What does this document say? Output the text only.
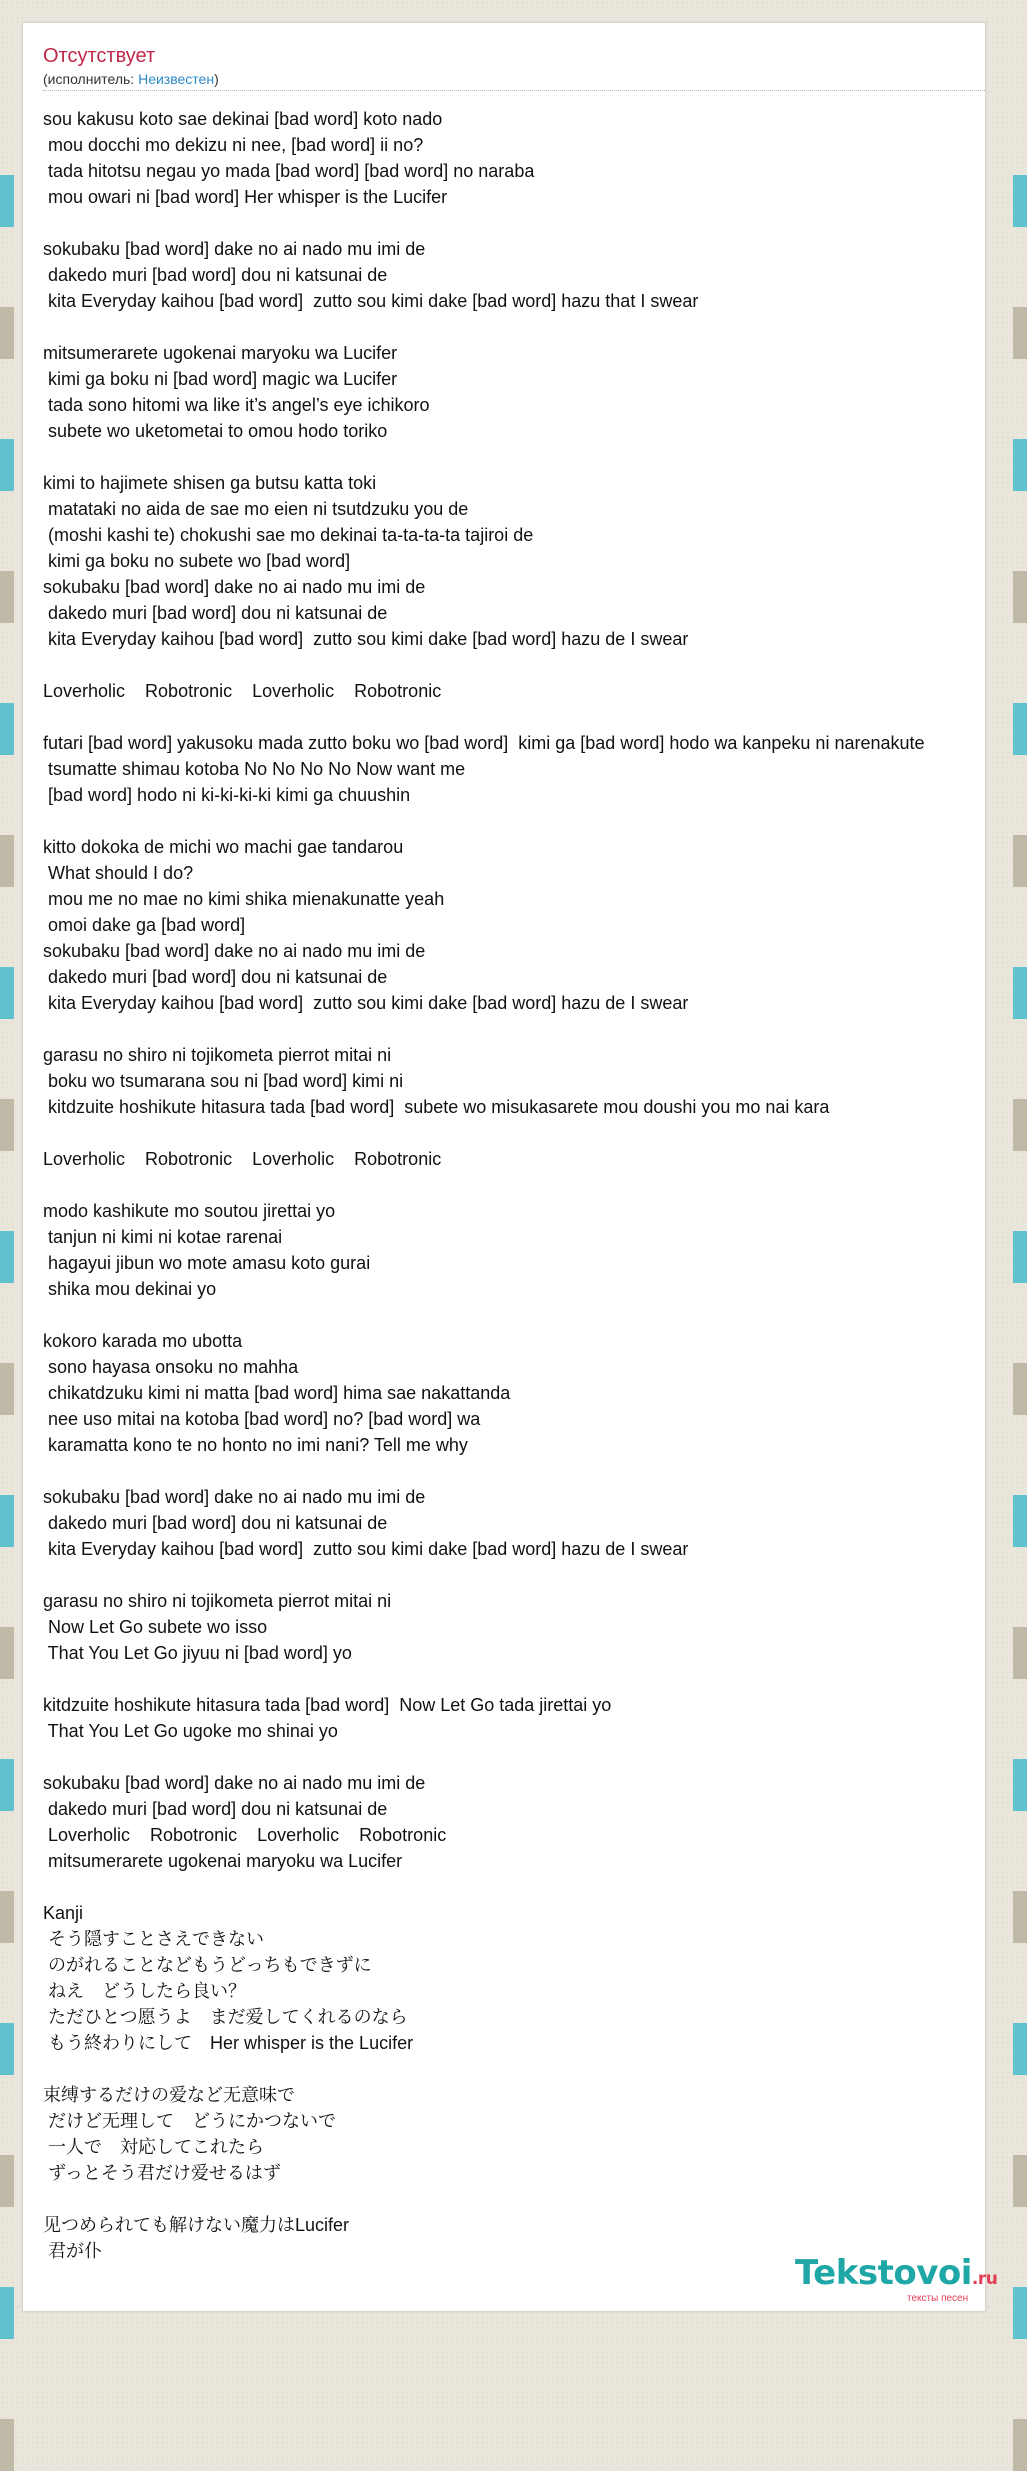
Отсутствует
(исполнитель: Неизвестен)
sou kakusu koto sae dekinai [bad word] koto nado
mou docchi mo dekizu ni nee, [bad word] ii no?
tada hitotsu negau yo mada [bad word] [bad word] no naraba
mou owari ni [bad word] Her whisper is the Lucifer
sokubaku [bad word] dake no ai nado mu imi de
dakedo muri [bad word] dou ni katsunai de
kita Everyday kaihou [bad word]  zutto sou kimi dake [bad word] hazu that I swear
mitsumerarete ugokenai maryoku wa Lucifer
kimi ga boku ni [bad word] magic wa Lucifer
tada sono hitomi wa like it’s angel’s eye ichikoro
subete wo uketometai to omou hodo toriko
kimi to hajimete shisen ga butsu katta toki
matataki no aida de sae mo eien ni tsutdzuku you de
(moshi kashi te) chokushi sae mo dekinai ta-ta-ta-ta tajiroi de
kimi ga boku no subete wo [bad word]
sokubaku [bad word] dake no ai nado mu imi de
dakedo muri [bad word] dou ni katsunai de
kita Everyday kaihou [bad word]  zutto sou kimi dake [bad word] hazu de I swear
Loverholic    Robotronic    Loverholic    Robotronic
futari [bad word] yakusoku mada zutto boku wo [bad word]  kimi ga [bad word] hodo wa kanpeku ni narenakute
tsumatte shimau kotoba No No No No Now want me
[bad word] hodo ni ki-ki-ki-ki kimi ga chuushin
kitto dokoka de michi wo machi gae tandarou
What should I do?
mou me no mae no kimi shika mienakunatte yeah
omoi dake ga [bad word]
sokubaku [bad word] dake no ai nado mu imi de
dakedo muri [bad word] dou ni katsunai de
kita Everyday kaihou [bad word]  zutto sou kimi dake [bad word] hazu de I swear
garasu no shiro ni tojikometa pierrot mitai ni
boku wo tsumarana sou ni [bad word] kimi ni
kitdzuite hoshikute hitasura tada [bad word]  subete wo misukasarete mou doushi you mo nai kara
Loverholic    Robotronic    Loverholic    Robotronic
modo kashikute mo soutou jirettai yo
tanjun ni kimi ni kotae rarenai
hagayui jibun wo mote amasu koto gurai
shika mou dekinai yo
kokoro karada mo ubotta
sono hayasa onsoku no mahha
chikatdzuku kimi ni matta [bad word] hima sae nakattanda
nee uso mitai na kotoba [bad word] no? [bad word] wa
karamatta kono te no honto no imi nani? Tell me why
sokubaku [bad word] dake no ai nado mu imi de
dakedo muri [bad word] dou ni katsunai de
kita Everyday kaihou [bad word]  zutto sou kimi dake [bad word] hazu de I swear
garasu no shiro ni tojikometa pierrot mitai ni
Now Let Go subete wo isso
That You Let Go jiyuu ni [bad word] yo
kitdzuite hoshikute hitasura tada [bad word]  Now Let Go tada jirettai yo
That You Let Go ugoke mo shinai yo
sokubaku [bad word] dake no ai nado mu imi de
dakedo muri [bad word] dou ni katsunai de
Loverholic    Robotronic    Loverholic    Robotronic
mitsumerarete ugokenai maryoku wa Lucifer
Kanji
そう隠すことさえできない
のがれることなどもうどっちもできずに
ねえ　どうしたら良い？
ただひとつ愿うよ　まだ爱してくれるのなら
もう終わりにして　Her whisper is the Lucifer
束缚するだけの爱など无意味で
だけど无理して　どうにかつないで
一人で　対応してこれたら
ずっとそう君だけ爱せるはず
见つめられても解けない魔力はLucifer
君が仆
Tekstovoi.ru
тексты песен
